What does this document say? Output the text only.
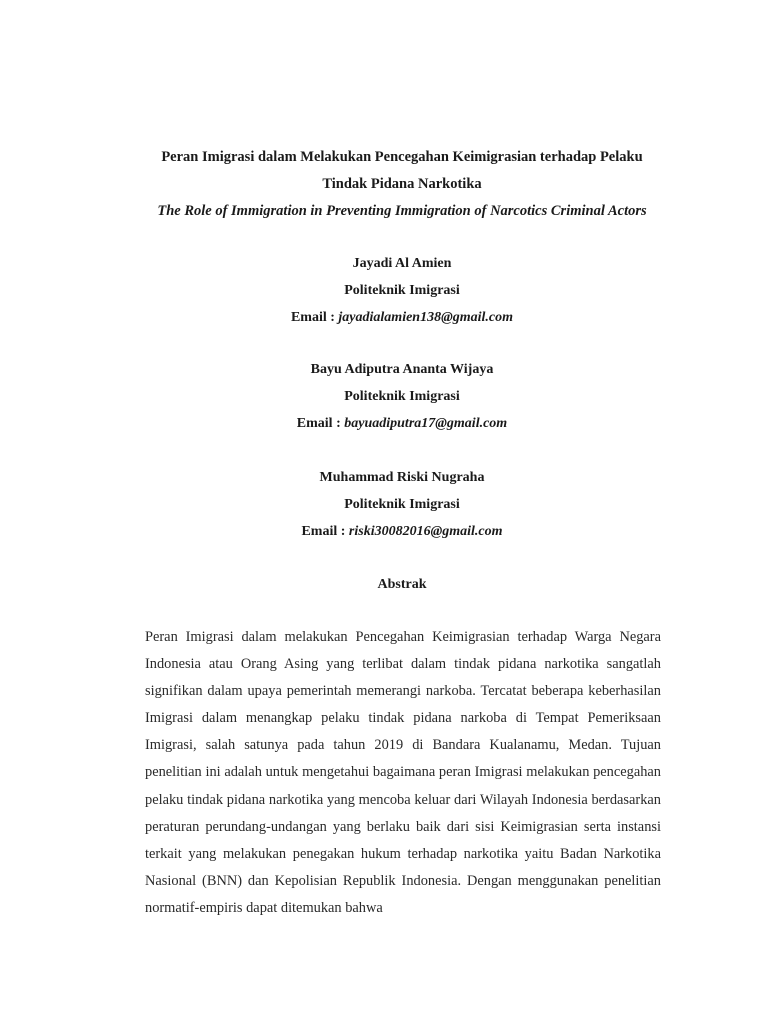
Peran Imigrasi dalam Melakukan Pencegahan Keimigrasian terhadap Pelaku

Tindak Pidana Narkotika

The Role of Immigration in Preventing Immigration of Narcotics Criminal Actors

Jayadi Al Amien

Politeknik Imigrasi

Email : jayadialamien138@gmail.com

Bayu Adiputra Ananta Wijaya

Politeknik Imigrasi

Email : bayuadiputra17@gmail.com

Muhammad Riski Nugraha

Politeknik Imigrasi

Email : riski30082016@gmail.com

Abstrak

Peran Imigrasi dalam melakukan Pencegahan Keimigrasian terhadap Warga Negara Indonesia atau Orang Asing yang terlibat dalam tindak pidana narkotika sangatlah signifikan dalam upaya pemerintah memerangi narkoba. Tercatat beberapa keberhasilan Imigrasi dalam menangkap pelaku tindak pidana narkoba di Tempat Pemeriksaan Imigrasi, salah satunya pada tahun 2019 di Bandara Kualanamu, Medan. Tujuan penelitian ini adalah untuk mengetahui bagaimana peran Imigrasi melakukan pencegahan pelaku tindak pidana narkotika yang mencoba keluar dari Wilayah Indonesia berdasarkan peraturan perundang-undangan yang berlaku baik dari sisi Keimigrasian serta instansi terkait yang melakukan penegakan hukum terhadap narkotika yaitu Badan Narkotika Nasional (BNN) dan Kepolisian Republik Indonesia. Dengan menggunakan penelitian normatif-empiris dapat ditemukan bahwa
